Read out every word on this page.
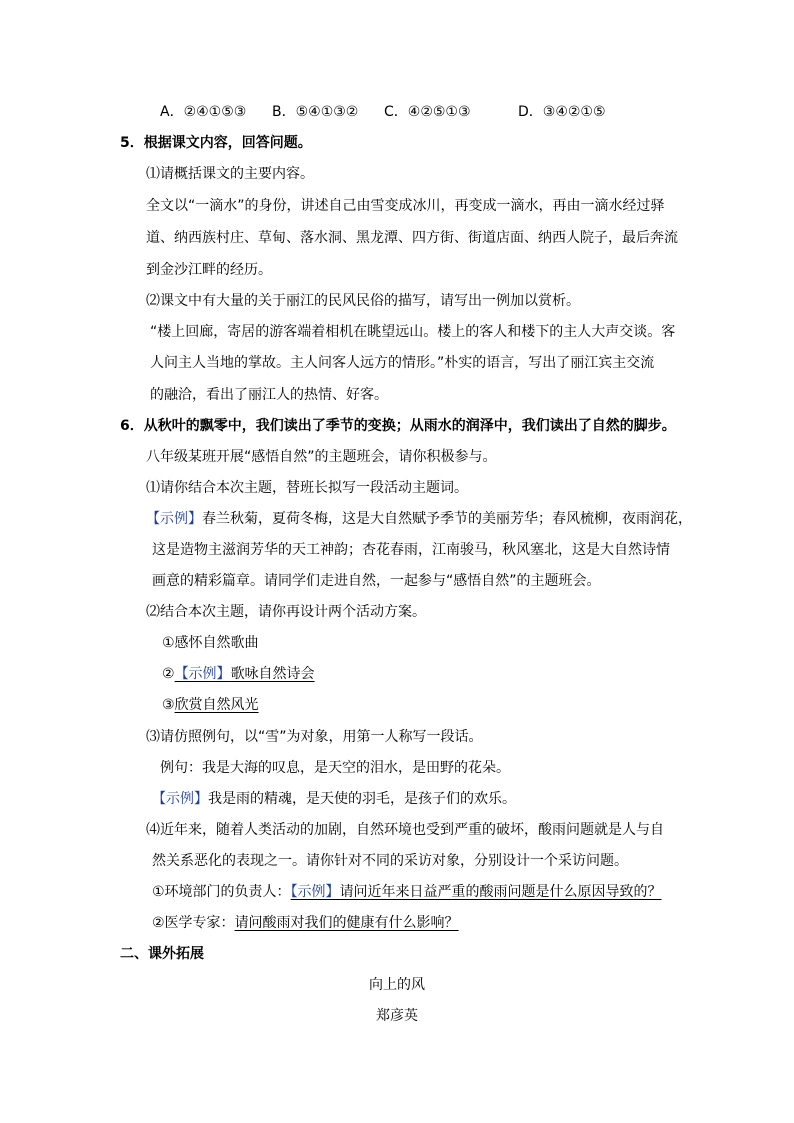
A．②④①⑤③ B．⑤④①③② C．④②⑤①③	D．③④②①⑤
5．根据课文内容，回答问题。
⑴请概括课文的主要内容。
全文以“一滴水”的身份，讲述自己由雪变成冰川，再变成一滴水，再由一滴水经过驿
道、纳西族村庄、草甸、落水洞、黑龙潭、四方街、街道店面、纳西人院子，最后奔流
到金沙江畔的经历。
⑵课文中有大量的关于丽江的民风民俗的描写，请写出一例加以赏析。
“楼上回廊，寄居的游客端着相机在眺望远山。楼上的客人和楼下的主人大声交谈。客
人问主人当地的掌故。主人问客人远方的情形。”朴实的语言，写出了丽江宾主交流
的融洽，看出了丽江人的热情、好客。
6．从秋叶的飘零中，我们读出了季节的变换；从雨水的润泽中，我们读出了自然的脚步。
八年级某班开展“感悟自然”的主题班会，请你积极参与。
⑴请你结合本次主题，替班长拟写一段活动主题词。
【示例】春兰秋菊，夏荷冬梅，这是大自然赋予季节的美丽芳华；春风梳柳，夜雨润花，
这是造物主滋润芳华的天工神韵；杏花春雨，江南骏马，秋风塞北，这是大自然诗情
画意的精彩篇章。请同学们走进自然，一起参与“感悟自然”的主题班会。
⑵结合本次主题，请你再设计两个活动方案。
①感怀自然歌曲
②【示例】歌咏自然诗会
③欣赏自然风光
⑶请仿照例句，以“雪”为对象，用第一人称写一段话。
例句：我是大海的叹息，是天空的泪水，是田野的花朵。
【示例】我是雨的精魂，是天使的羽毛，是孩子们的欢乐。
⑷近年来，随着人类活动的加剧，自然环境也受到严重的破坏，酸雨问题就是人与自
然关系恶化的表现之一。请你针对不同的采访对象，分别设计一个采访问题。
①环境部门的负责人：【示例】请问近年来日益严重的酸雨问题是什么原因导致的？
②医学专家：请问酸雨对我们的健康有什么影响？
二、课外拓展
向上的风
郑彦英
